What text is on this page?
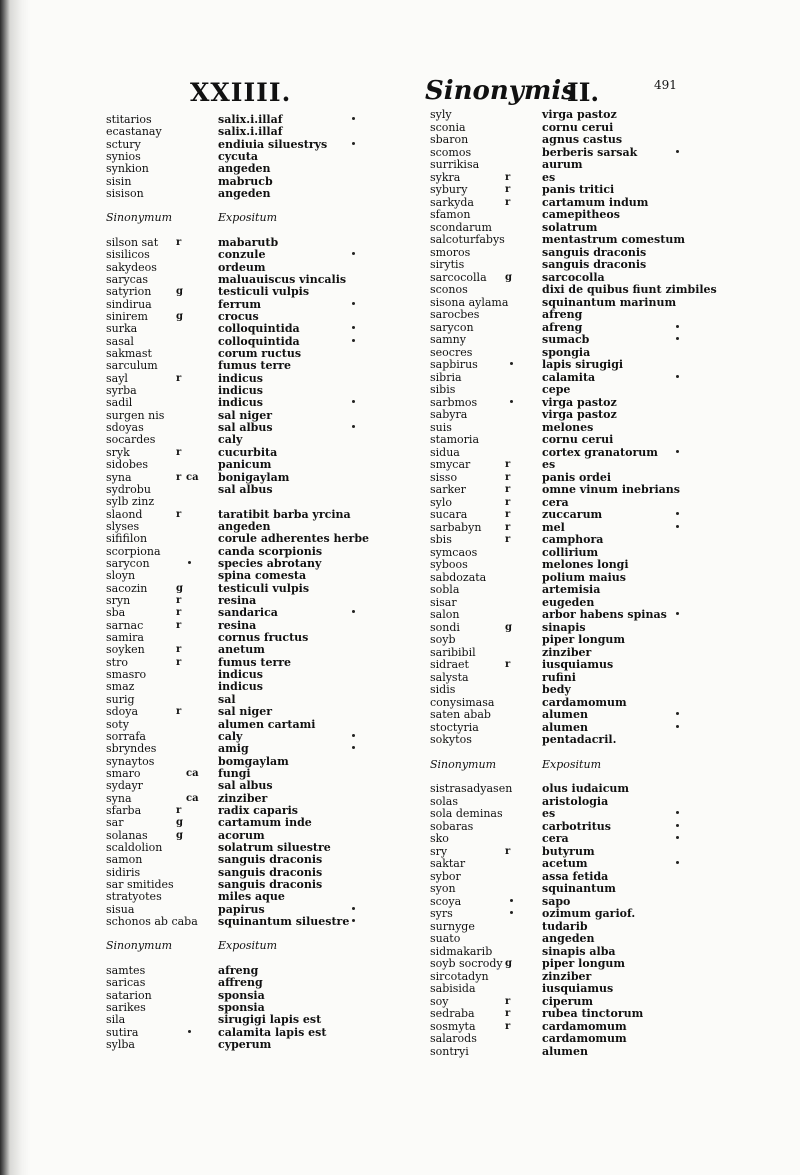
XXIIII.	Sinonymis
II.	491
stitarios	salix.i.illaf
ecastanay	salix.i.illaf
sctury	endiuia siluestrys
synios	cycuta
synkion	angeden
sisin	mabrucb
sisison	angeden
Sinonymum	Expositum
silson sat r	mabarutb
sisilicos	conzule
sakydeos	ordeum
sarycas	maluauiscus vincalis
satyrion g	testiculi vulpis
sindirua	ferrum
sinirem	g	crocus
surka	colloquintida
sasal	colloquintida
sakmast	corum ructus
sarculum	fumus terre
sayl	r	indicus
syrba	indicus
sadil	indicus
surgen nis	sal niger
sdoyas	sal albus
socardes	caly
sryk	r	cucurbita
sidobes	panicum
syna	r ca bonigaylam
sydrobu	sal albus
sylb zinz
slaond	r	taratibit barba yrcina
slyses	angeden
sififilon	corule adherentes herbe
scorpiona	canda scorpionis
sarycon	species abrotany
sloyn	spina comesta
sacozin	g	testiculi vulpis
sryn	r	resina
sba	r	sandarica
sarnac	r	resina
samira	cornus fructus
soyken	r	anetum
stro	r	fumus terre
smasro	indicus
smaz	indicus
surig	sal
sdoya	r	sal niger
soty	alumen cartami
sorrafa	caly
sbryndes	amig
synaytos	bomgaylam
smaro	ca fungi
sydayr	sal albus
syna	ca zinziber
sfarba	r	radix caparis
sar	g	cartamum inde
solanas	g	acorum
scaldolion	solatrum siluestre
samon	sanguis draconis
sidiris	sanguis draconis
sar smitides	sanguis draconis
stratyotes	miles aque
sisua	papirus
schonos ab caba squinantum siluestre
Sinonymum	Expositum
samtes	afreng
saricas	affreng
satarion	sponsia
sarikes	sponsia
sila	sirugigi lapis est
sutira	calamita lapis est
sylba	cyperum
syly	virga pastoz
sconia	cornu cerui
sbaron	agnus castus
scomos	berberis sarsak
surrikisa	aurum
sykra	r	es
sybury	r	panis tritici
sarkyda	r	cartamum indum
sfamon	camepitheos
scondarum	solatrum
salcoturfabys	mentastrum comestum
smoros	sanguis draconis
sirytis	sanguis draconis
sarcocolla g	sarcocolla
sconos	dixi de quibus fiunt zimbiles
sisona aylama	squinantum marinum
sarocbes	afreng
sarycon	afreng
samny	sumacb
seocres	spongia
sapbirus	lapis sirugigi
sibria	calamita
sibis	cepe
sarbmos	virga pastoz
sabyra	virga pastoz
suis	melones
stamoria	cornu cerui
sidua	cortex granatorum
smycar	r	es
sisso	r	panis ordei
sarker	r	omne vinum inebrians
sylo	r	cera
sucara	r	zuccarum
sarbabyn r	mel
sbis	r	camphora
symcaos	collirium
syboos	melones longi
sabdozata	polium maius
sobla	artemisia
sisar	eugeden
salon	arbor habens spinas
sondi	g	sinapis
soyb	piper longum
saribibil	zinziber
sidraet	r	iusquiamus
salysta	rufini
sidis	bedy
conysimasa	cardamomum
saten abab	alumen
stoctyria	alumen
sokytos	pentadacril.
Sinonymum	Expositum
sistrasadyasen	olus iudaicum
solas	aristologia
sola deminas	es
sobaras	carbotritus
sko	cera
sry	r	butyrum
saktar	acetum
sybor	assa fetida
syon	squinantum
scoya	sapo
syrs	ozimum gariof.
surnyge	tudarib
suato	angeden
sidmakarib	sinapis alba
soyb socrody g	piper longum
sircotadyn	zinziber
sabisida	iusquiamus
soy	r	ciperum
sedraba	r	rubea tinctorum
sosmyta	r	cardamomum
salarods	cardamomum
sontryi	alumen
